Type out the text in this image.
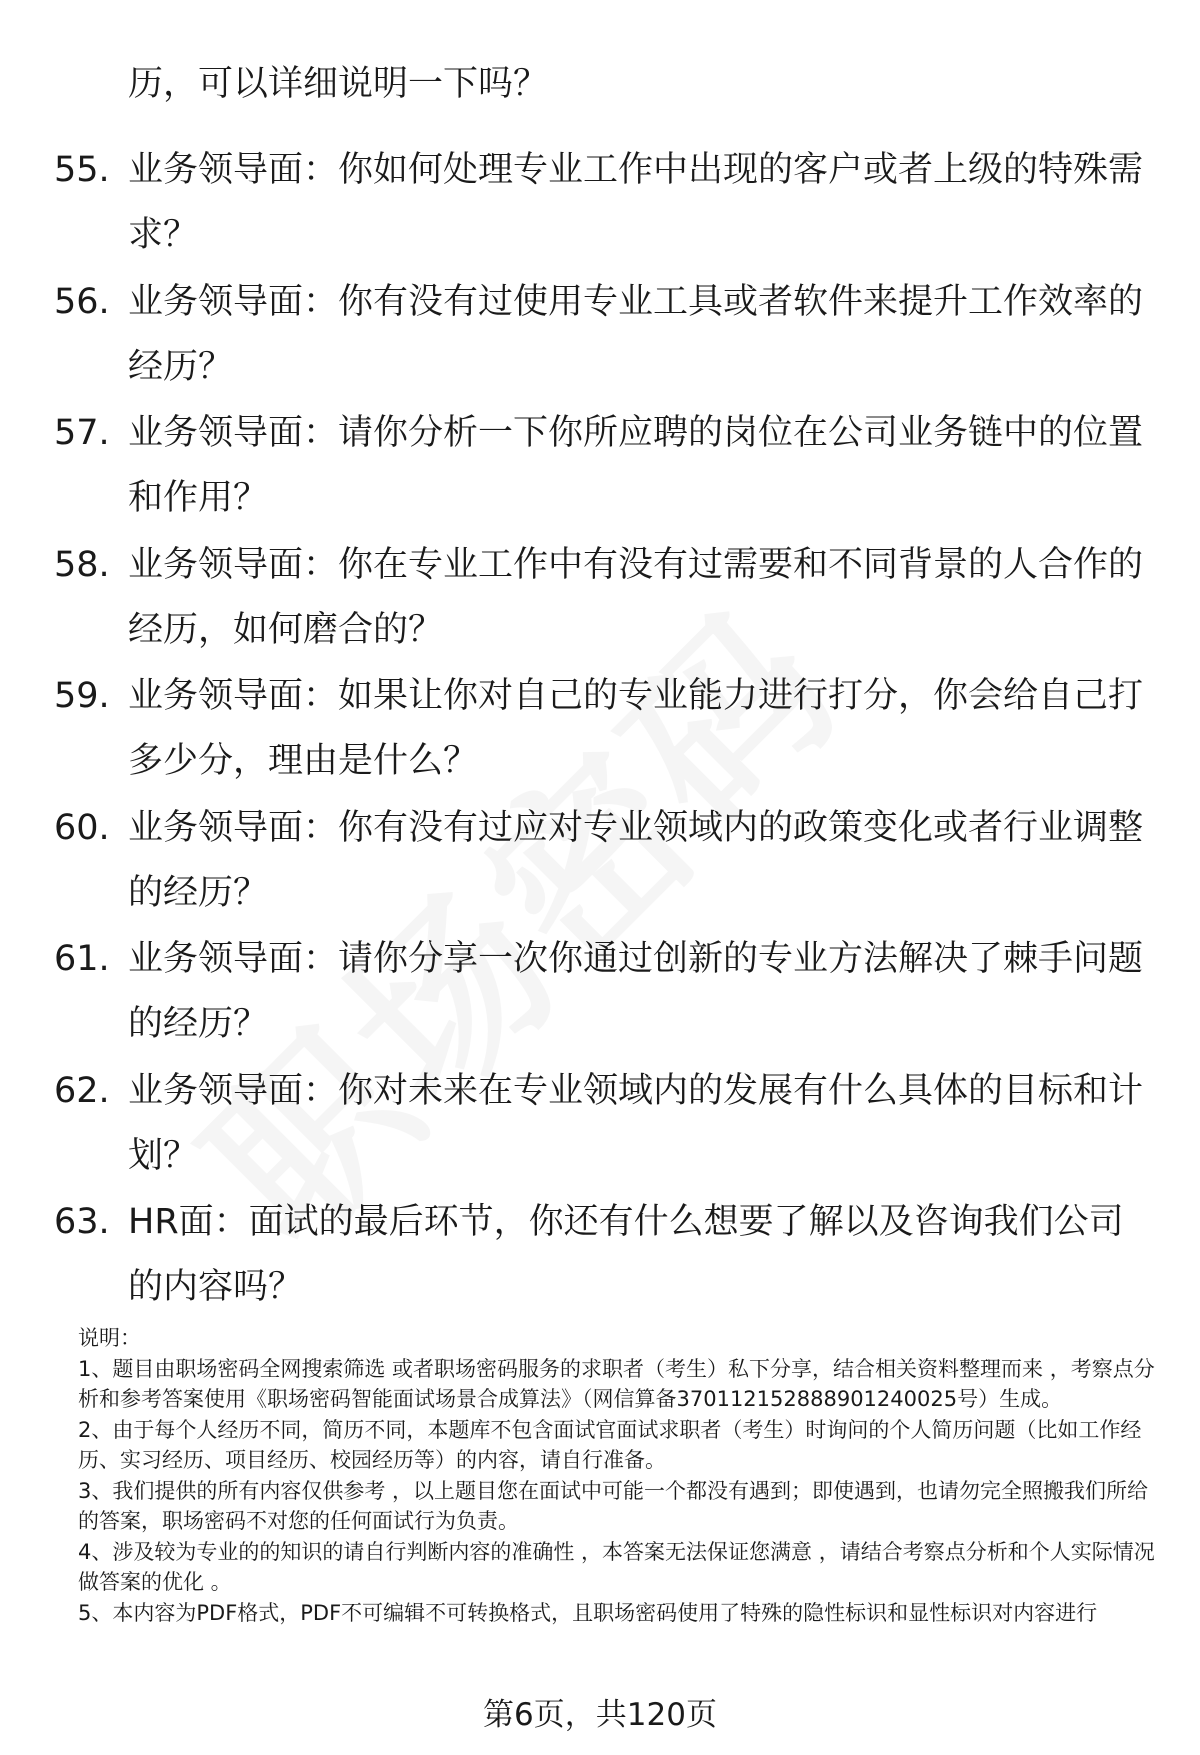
历，可以详细说明一下吗？
55. 业务领导面：你如何处理专业工作中出现的客户或者上级的特殊需求？
56. 业务领导面：你有没有过使用专业工具或者软件来提升工作效率的经历？
57. 业务领导面：请你分析一下你所应聘的岗位在公司业务链中的位置和作用？
58. 业务领导面：你在专业工作中有没有过需要和不同背景的人合作的经历，如何磨合的？
59. 业务领导面：如果让你对自己的专业能力进行打分，你会给自己打多少分，理由是什么？
60. 业务领导面：你有没有过应对专业领域内的政策变化或者行业调整的经历？
61. 业务领导面：请你分享一次你通过创新的专业方法解决了棘手问题的经历？
62. 业务领导面：你对未来在专业领域内的发展有什么具体的目标和计划？
63. HR面：面试的最后环节，你还有什么想要了解以及咨询我们公司的内容吗？

说明：

1、题目由职场密码全网搜索筛选 或者职场密码服务的求职者（考生）私下分享，结合相关资料整理而来 ，考察点分析和参考答案使用《职场密码智能面试场景合成算法》（网信算备370112152888901240025号）生成。

2、由于每个人经历不同，简历不同，本题库不包含面试官面试求职者（考生）时询问的个人简历问题（比如工作经历、实习经历、项目经历、校园经历等）的内容，请自行准备。

3、我们提供的所有内容仅供参考 ，以上题目您在面试中可能一个都没有遇到；即使遇到，也请勿完全照搬我们所给的答案，职场密码不对您的任何面试行为负责。

4、涉及较为专业的的知识的请自行判断内容的准确性 ，本答案无法保证您满意 ，请结合考察点分析和个人实际情况做答案的优化 。

5、本内容为PDF格式，PDF不可编辑不可转换格式，且职场密码使用了特殊的隐性标识和显性标识对内容进行

第6页，共120页
